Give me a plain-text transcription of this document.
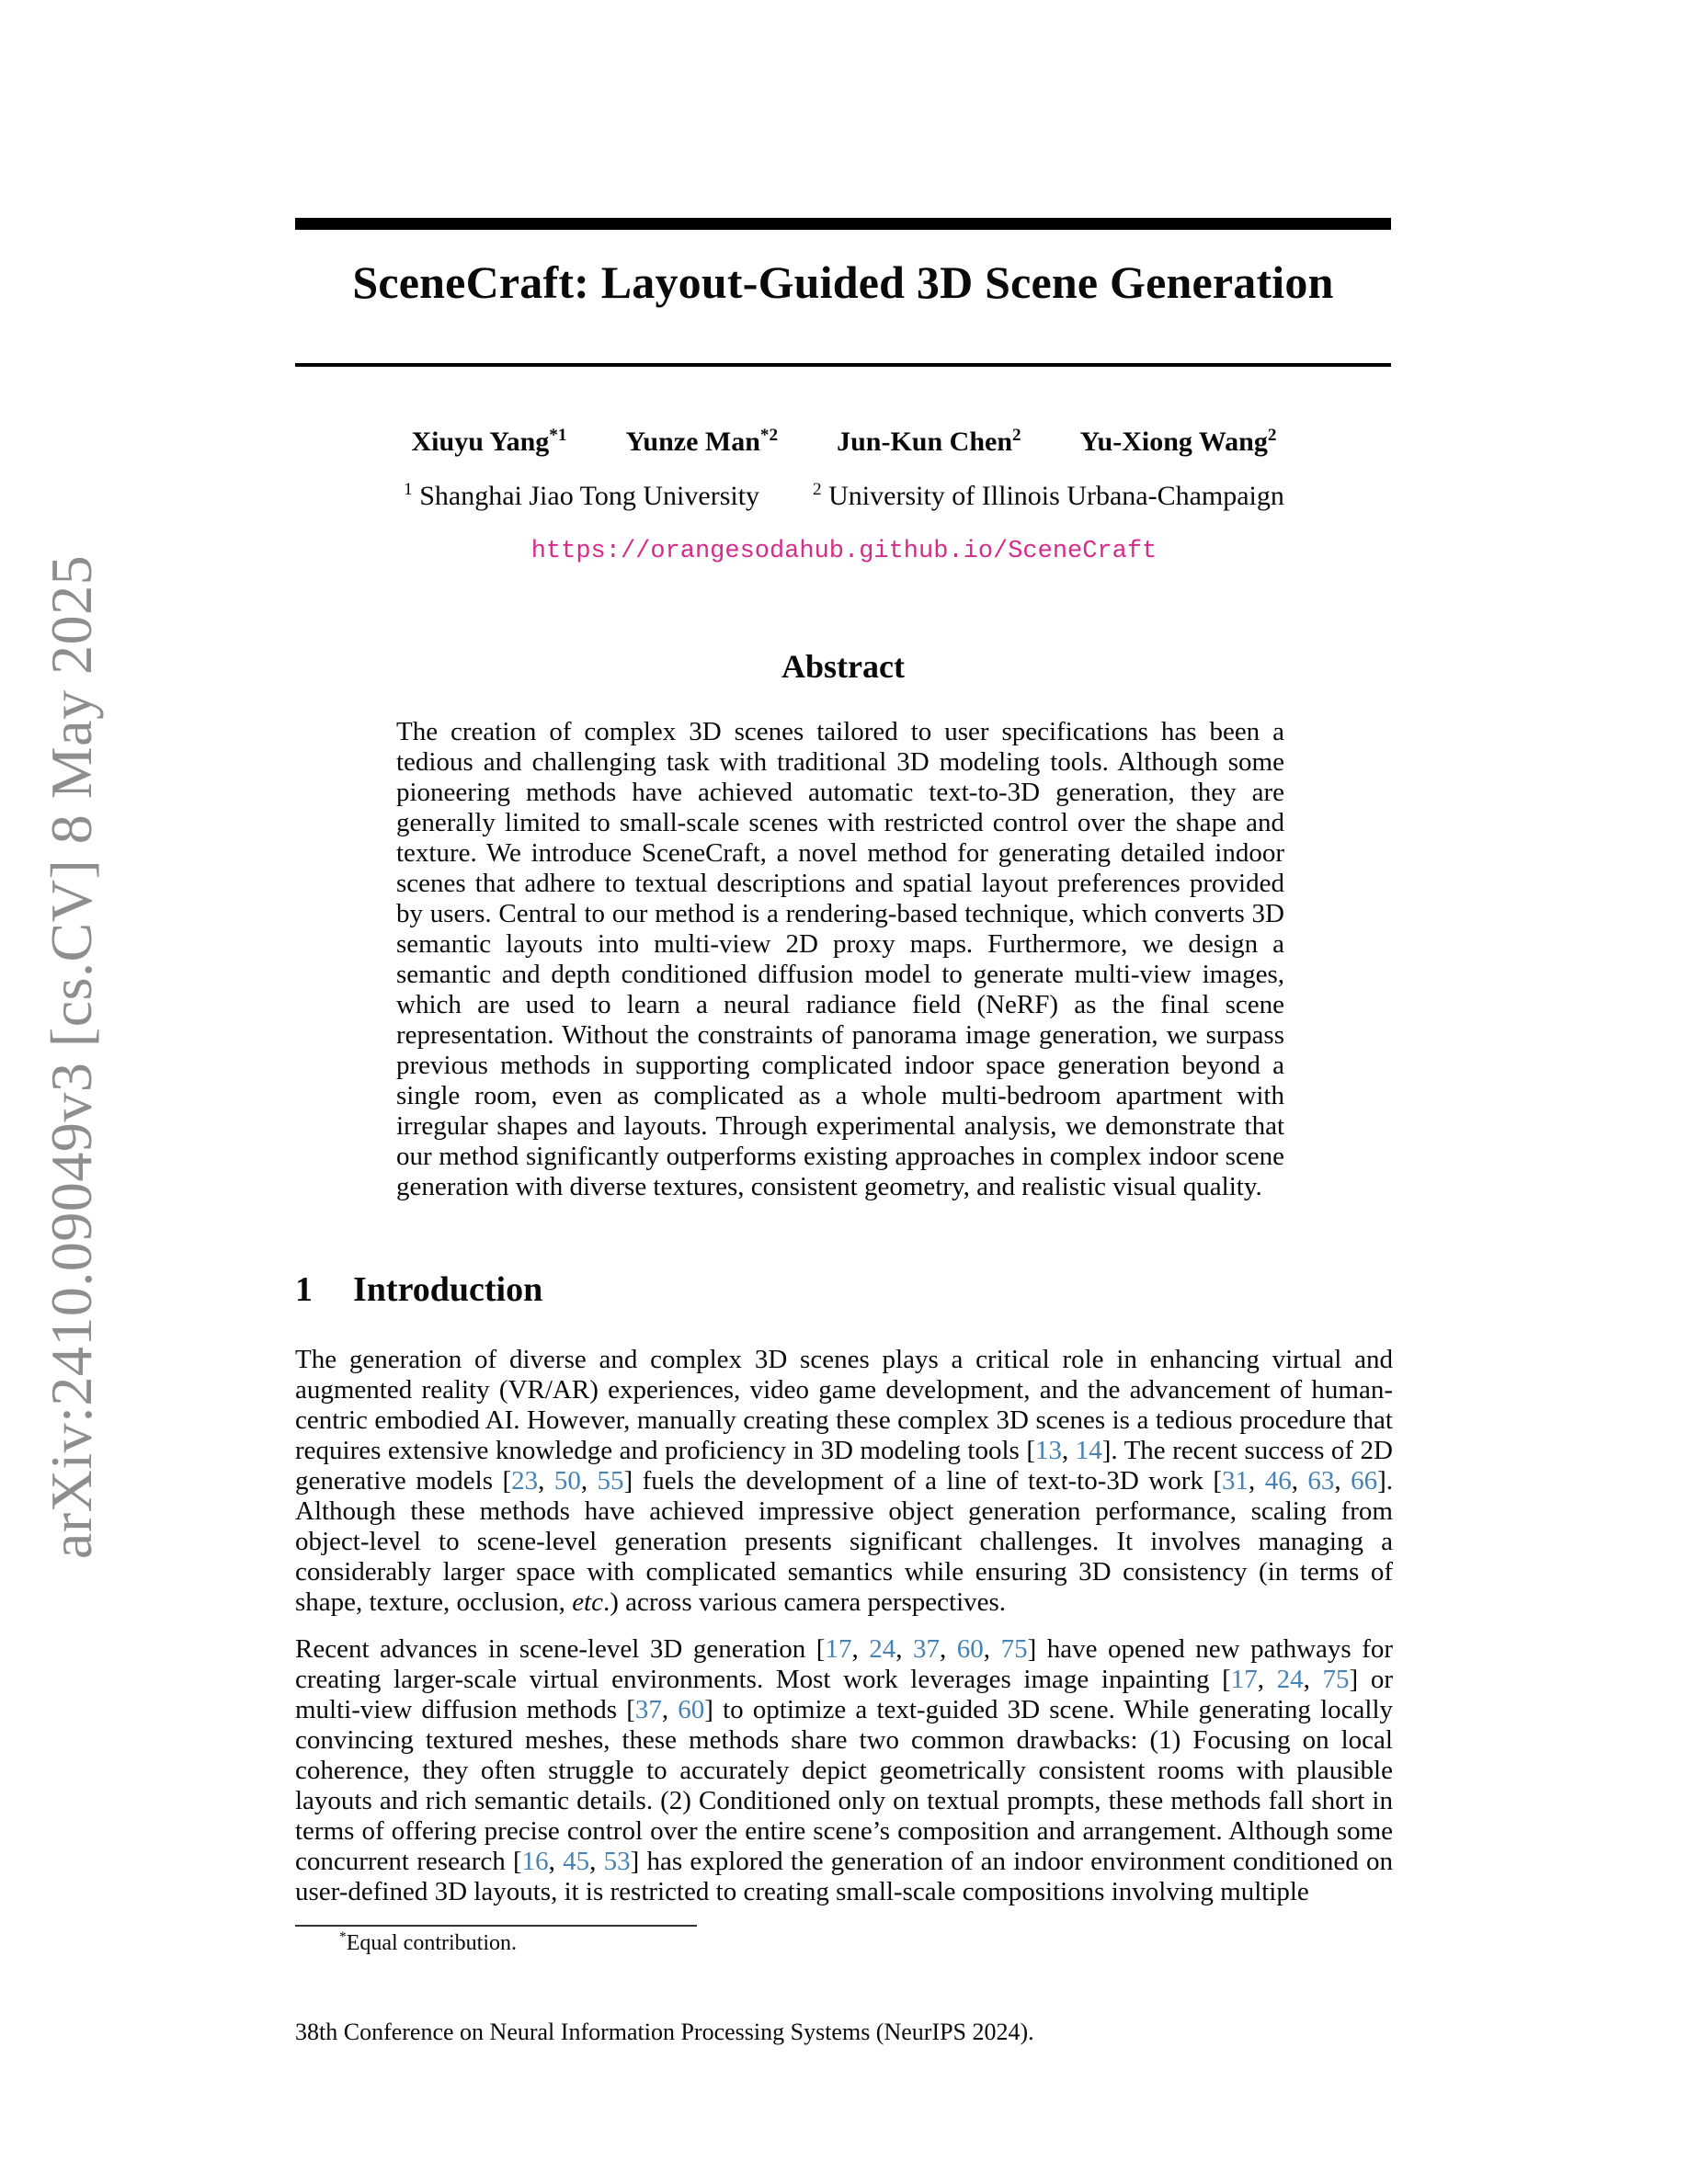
arXiv:2410.09049v3 [cs.CV] 8 May 2025
SceneCraft: Layout-Guided 3D Scene Generation
Xiuyu Yang$^{*1}$ Yunze Man$^{*2}$ Jun-Kun Chen$^2$ Yu-Xiong Wang$^2$
$^1$ Shanghai Jiao Tong University	$^2$ University of Illinois Urbana-Champaign
https://orangesodahub.github.io/SceneCraft
Abstract
The creation of complex 3D scenes tailored to user specifications has been a tedious and challenging task with traditional 3D modeling tools. Although some pioneering methods have achieved automatic text-to-3D generation, they are generally limited to small-scale scenes with restricted control over the shape and texture. We introduce SceneCraft, a novel method for generating detailed indoor scenes that adhere to textual descriptions and spatial layout preferences provided by users. Central to our method is a rendering-based technique, which converts 3D semantic layouts into multi-view 2D proxy maps. Furthermore, we design a semantic and depth conditioned diffusion model to generate multi-view images, which are used to learn a neural radiance field (NeRF) as the final scene representation. Without the constraints of panorama image generation, we surpass previous methods in supporting complicated indoor space generation beyond a single room, even as complicated as a whole multi-bedroom apartment with irregular shapes and layouts. Through experimental analysis, we demonstrate that our method significantly outperforms existing approaches in complex indoor scene generation with diverse textures, consistent geometry, and realistic visual quality.
1 Introduction
The generation of diverse and complex 3D scenes plays a critical role in enhancing virtual and augmented reality (VR/AR) experiences, video game development, and the advancement of human-centric embodied AI. However, manually creating these complex 3D scenes is a tedious procedure that requires extensive knowledge and proficiency in 3D modeling tools [13, 14]. The recent success of 2D generative models [23, 50, 55] fuels the development of a line of text-to-3D work [31, 46, 63, 66]. Although these methods have achieved impressive object generation performance, scaling from object-level to scene-level generation presents significant challenges. It involves managing a considerably larger space with complicated semantics while ensuring 3D consistency (in terms of shape, texture, occlusion, etc.) across various camera perspectives.
Recent advances in scene-level 3D generation [17, 24, 37, 60, 75] have opened new pathways for creating larger-scale virtual environments. Most work leverages image inpainting [17, 24, 75] or multi-view diffusion methods [37, 60] to optimize a text-guided 3D scene. While generating locally convincing textured meshes, these methods share two common drawbacks: (1) Focusing on local coherence, they often struggle to accurately depict geometrically consistent rooms with plausible layouts and rich semantic details. (2) Conditioned only on textual prompts, these methods fall short in terms of offering precise control over the entire scene’s composition and arrangement. Although some concurrent research [16, 45, 53] has explored the generation of an indoor environment conditioned on user-defined 3D layouts, it is restricted to creating small-scale compositions involving multiple
*Equal contribution.
38th Conference on Neural Information Processing Systems (NeurIPS 2024).
